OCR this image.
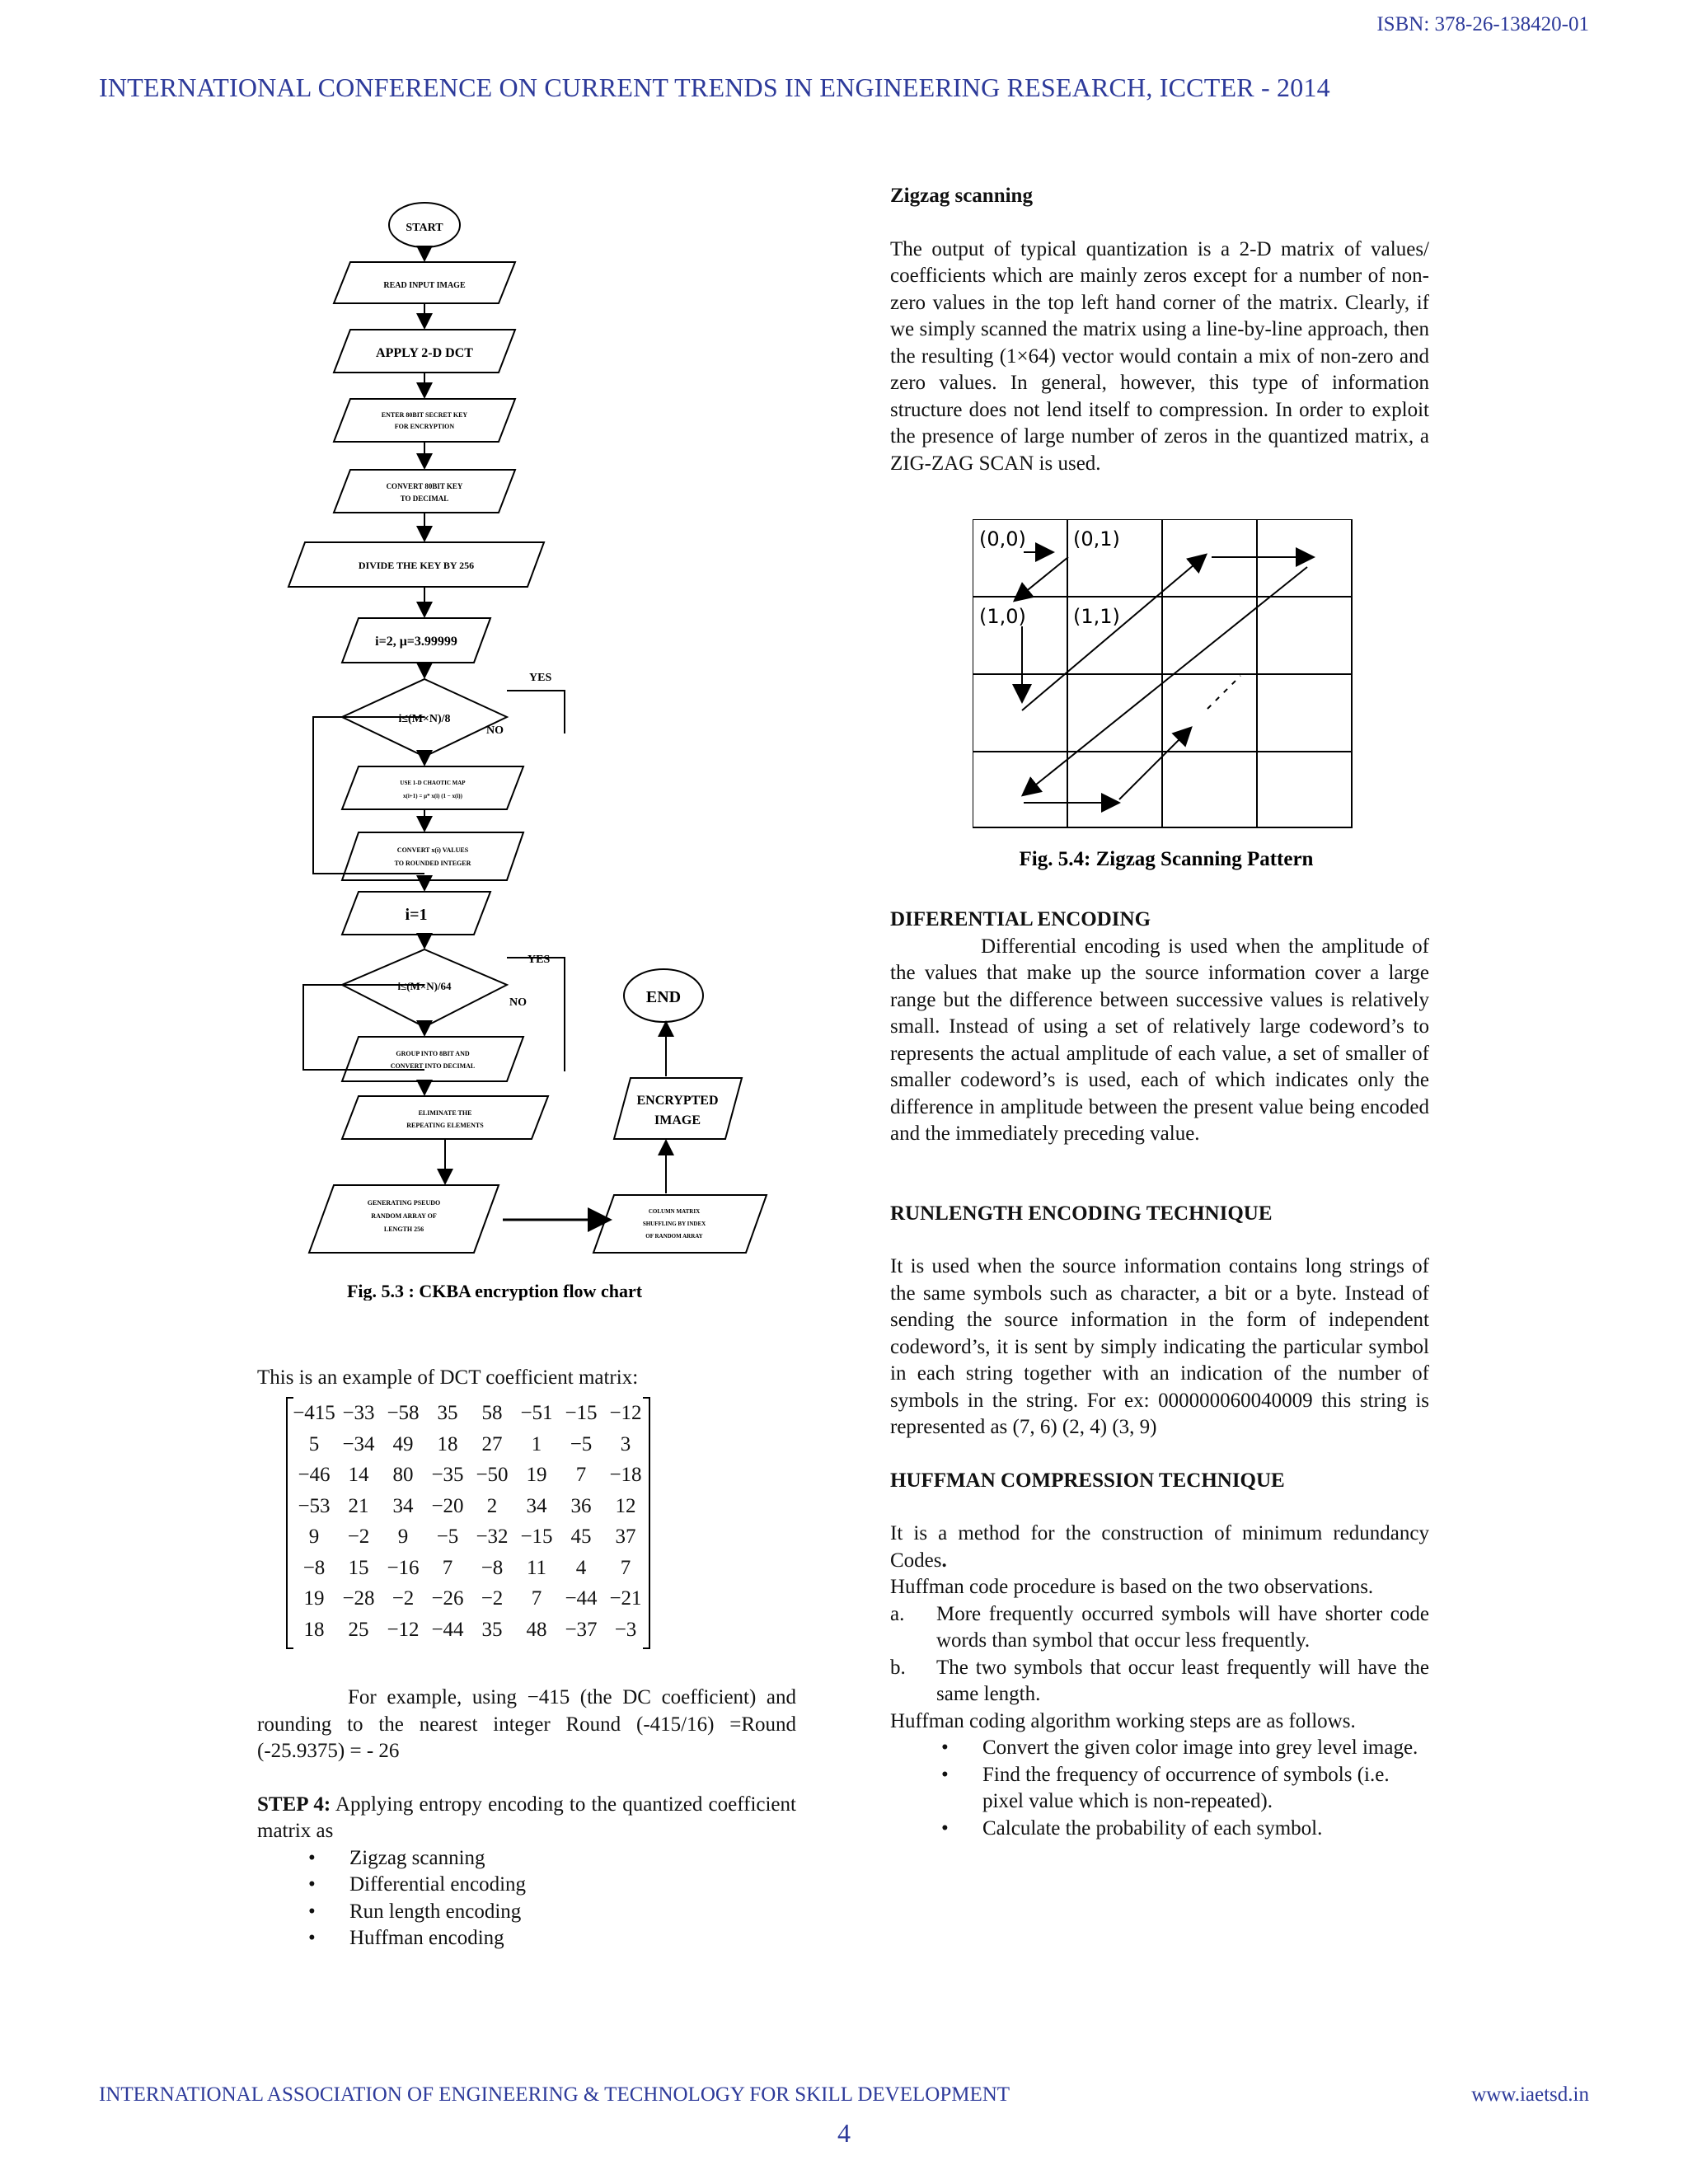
ISBN: 378-26-138420-01
INTERNATIONAL CONFERENCE ON CURRENT TRENDS IN ENGINEERING RESEARCH, ICCTER - 2014
START
READ INPUT IMAGE
APPLY 2-D DCT
ENTER 80BIT SECRET KEY
FOR ENCRYPTION
CONVERT 80BIT KEY
TO DECIMAL
DIVIDE THE KEY BY 256
i=2, μ=3.99999
i≤(M×N)/8
YES
NO
USE 1-D CHAOTIC MAP
x(i+1) = μ* x(i) (1 − x(i))
CONVERT x(i) VALUES
TO ROUNDED INTEGER
i=1
i≤(M×N)/64
YES
NO
GROUP INTO 8BIT AND
CONVERT INTO DECIMAL
ELIMINATE THE
REPEATING ELEMENTS
GENERATING PSEUDO
RANDOM ARRAY OF
LENGTH 256
COLUMN MATRIX
SHUFFLING BY INDEX
OF RANDOM ARRAY
ENCRYPTED
IMAGE
END
Fig. 5.3 : CKBA encryption flow chart

This is an example of DCT coefficient matrix:

−415 −33 −58 35	58 −51 −15 −12
5	−34 49	18	27	1	−5	3
−46 14	80 −35 −50 19	7	−18
−53 21	34 −20	2	34	36	12
9	−2	9	−5 −32 −15 45	37
−8	15 −16	7	−8	11	4	7
19 −28 −2 −26 −2	7	−44 −21
18	25 −12 −44 35	48 −37 −3

For example, using −415 (the DC coefficient) and rounding to the nearest integer Round (-415/16) =Round (-25.9375) = - 26

STEP 4: Applying entropy encoding to the quantized coefficient matrix as

• Zigzag scanning
• Differential encoding
• Run length encoding
• Huffman encoding

Zigzag scanning

The output of typical quantization is a 2-D matrix of values/ coefficients which are mainly zeros except for a number of non-zero values in the top left hand corner of the matrix. Clearly, if we simply scanned the matrix using a line-by-line approach, then the resulting (1×64) vector would contain a mix of non-zero and zero values. In general, however, this type of information structure does not lend itself to compression. In order to exploit the presence of large number of zeros in the quantized matrix, a ZIG-ZAG SCAN is used.

(0,0) (0,1)
(1,0) (1,1)
Fig. 5.4: Zigzag Scanning Pattern

DIFERENTIAL ENCODING

Differential encoding is used when the amplitude of the values that make up the source information cover a large range but the difference between successive values is relatively small. Instead of using a set of relatively large codeword’s to represents the actual amplitude of each value, a set of smaller of smaller codeword’s is used, each of which indicates only the difference in amplitude between the present value being encoded and the immediately preceding value.

RUNLENGTH ENCODING TECHNIQUE

It is used when the source information contains long strings of the same symbols such as character, a bit or a byte. Instead of sending the source information in the form of independent codeword’s, it is sent by simply indicating the particular symbol in each string together with an indication of the number of symbols in the string. For ex: 000000060040009 this string is represented as (7, 6) (2, 4) (3, 9)

HUFFMAN COMPRESSION TECHNIQUE

It is a method for the construction of minimum redundancy Codes.

Huffman code procedure is based on the two observations.

a. More frequently occurred symbols will have shorter code words than symbol that occur less frequently.
b. The two symbols that occur least frequently will have the same length.

Huffman coding algorithm working steps are as follows.

• Convert the given color image into grey level image.
• Find the frequency of occurrence of symbols (i.e. pixel value which is non-repeated).
• Calculate the probability of each symbol.
INTERNATIONAL ASSOCIATION OF ENGINEERING & TECHNOLOGY FOR SKILL DEVELOPMENT	www.iaetsd.in
4
